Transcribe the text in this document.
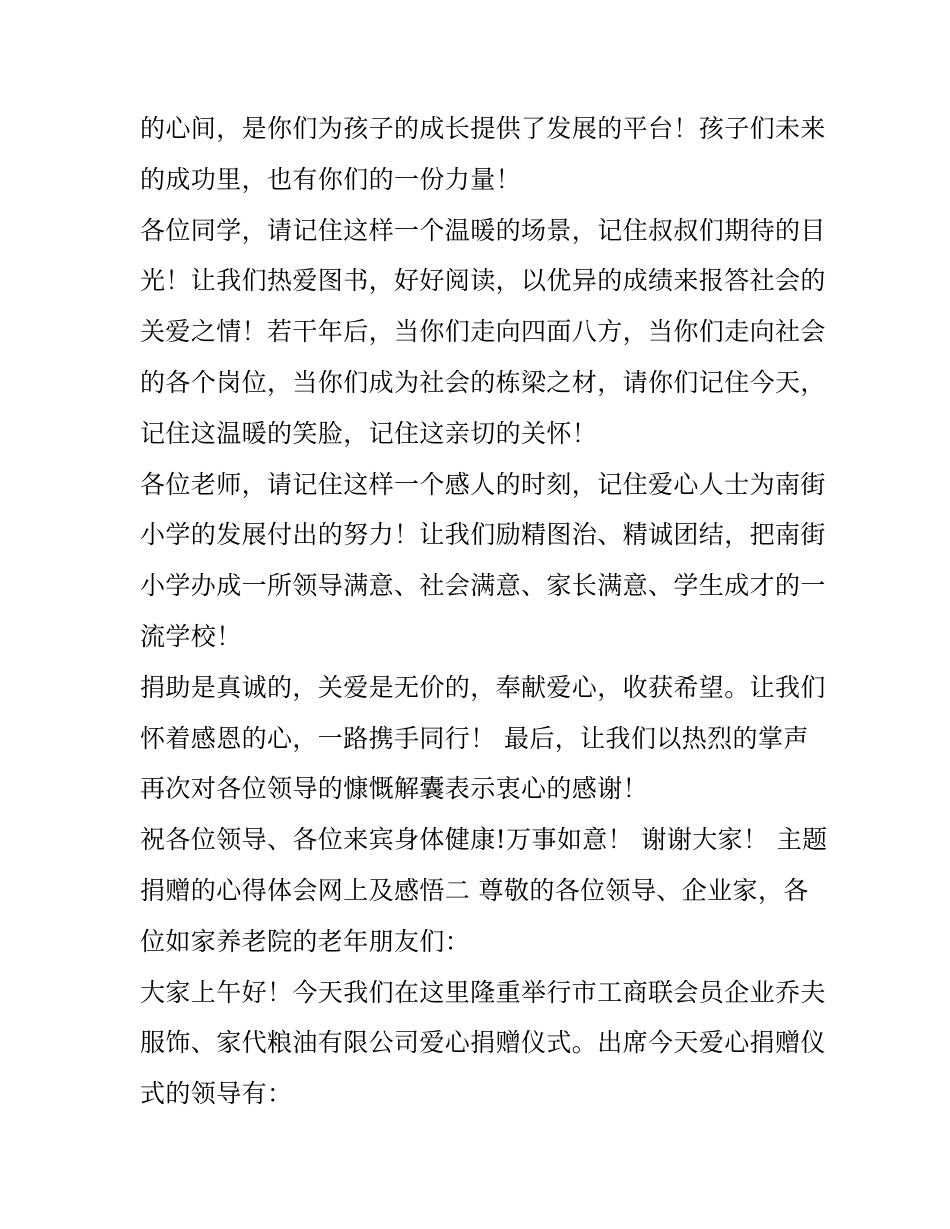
的心间，是你们为孩子的成长提供了发展的平台！孩子们未来
的成功里，也有你们的一份力量！
各位同学，请记住这样一个温暖的场景，记住叔叔们期待的目
光！让我们热爱图书，好好阅读，以优异的成绩来报答社会的
关爱之情！若干年后，当你们走向四面八方，当你们走向社会
的各个岗位，当你们成为社会的栋梁之材，请你们记住今天，
记住这温暖的笑脸，记住这亲切的关怀！
各位老师，请记住这样一个感人的时刻，记住爱心人士为南街
小学的发展付出的努力！让我们励精图治、精诚团结，把南街
小学办成一所领导满意、社会满意、家长满意、学生成才的一
流学校！
捐助是真诚的，关爱是无价的，奉献爱心，收获希望。让我们
怀着感恩的心，一路携手同行！ 最后，让我们以热烈的掌声
再次对各位领导的慷慨解囊表示衷心的感谢！
祝各位领导、各位来宾身体健康!万事如意！ 谢谢大家！ 主题
捐赠的心得体会网上及感悟二 尊敬的各位领导、企业家，各
位如家养老院的老年朋友们：
大家上午好！今天我们在这里隆重举行市工商联会员企业乔夫
服饰、家代粮油有限公司爱心捐赠仪式。出席今天爱心捐赠仪
式的领导有：
